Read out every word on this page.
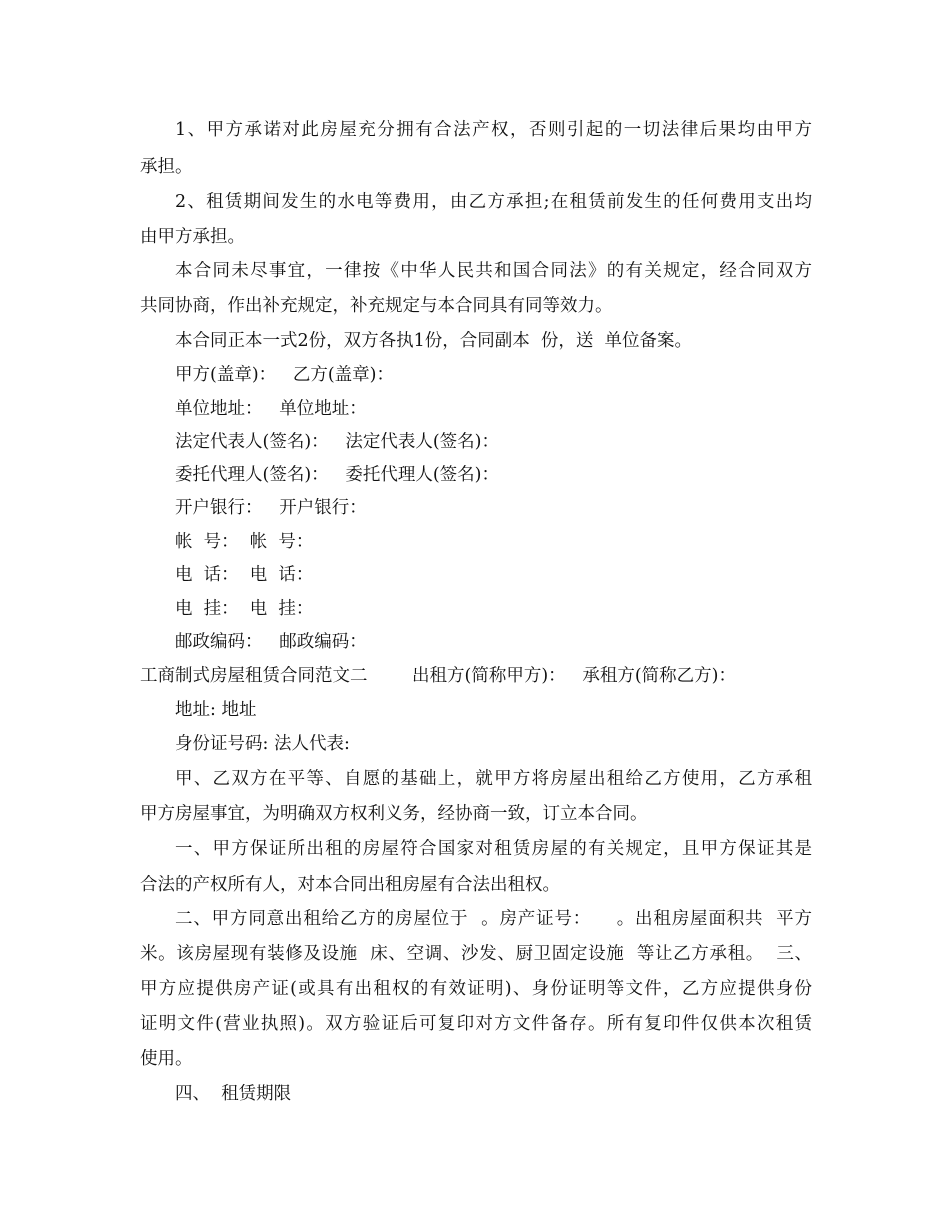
1、甲方承诺对此房屋充分拥有合法产权，否则引起的一切法律后果均由甲方
承担。
2、租赁期间发生的水电等费用，由乙方承担;在租赁前发生的任何费用支出均
由甲方承担。
本合同未尽事宜，一律按《中华人民共和国合同法》的有关规定，经合同双方
共同协商，作出补充规定，补充规定与本合同具有同等效力。
本合同正本一式2份，双方各执1份，合同副本  份，送  单位备案。
甲方(盖章)：   乙方(盖章)：
单位地址：   单位地址：
法定代表人(签名)：   法定代表人(签名)：
委托代理人(签名)：   委托代理人(签名)：
开户银行：   开户银行：
帐  号：  帐  号：
电  话：  电  话：
电  挂：  电  挂：
邮政编码：   邮政编码：
工商制式房屋租赁合同范文二        出租方(简称甲方)：   承租方(简称乙方)：
地址: 地址
身份证号码: 法人代表:
甲、乙双方在平等、自愿的基础上，就甲方将房屋出租给乙方使用，乙方承租
甲方房屋事宜，为明确双方权利义务，经协商一致，订立本合同。
一、甲方保证所出租的房屋符合国家对租赁房屋的有关规定，且甲方保证其是
合法的产权所有人，对本合同出租房屋有合法出租权。
二、甲方同意出租给乙方的房屋位于  。房产证号：    。出租房屋面积共  平方
米。该房屋现有装修及设施  床、空调、沙发、厨卫固定设施  等让乙方承租。  三、
甲方应提供房产证(或具有出租权的有效证明)、身份证明等文件，乙方应提供身份
证明文件(营业执照)。双方验证后可复印对方文件备存。所有复印件仅供本次租赁
使用。
四、  租赁期限
